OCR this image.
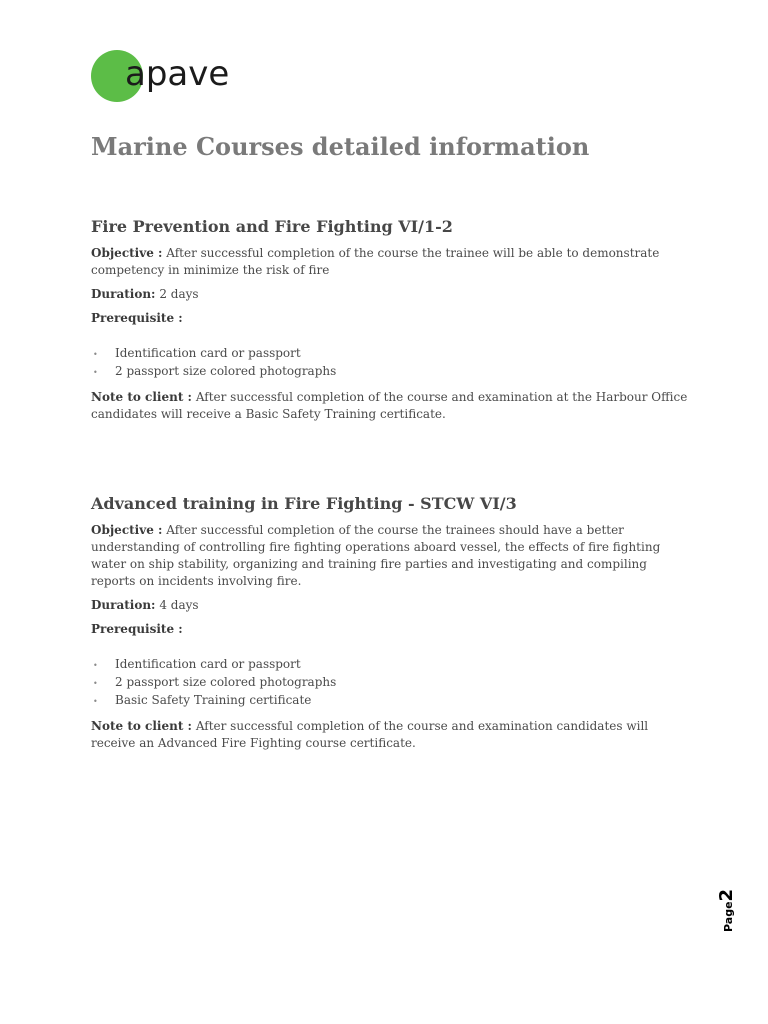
apave
Marine Courses detailed information
Fire Prevention and Fire Fighting VI/1-2

Objective : After successful completion of the course the trainee will be able to demonstrate competency in minimize the risk of fire

Duration: 2 days

Prerequisite :

• Identification card or passport
• 2 passport size colored photographs

Note to client : After successful completion of the course and examination at the Harbour Office candidates will receive a Basic Safety Training certificate.

Advanced training in Fire Fighting - STCW VI/3

Objective : After successful completion of the course the trainees should have a better understanding of controlling fire fighting operations aboard vessel, the effects of fire fighting water on ship stability, organizing and training fire parties and investigating and compiling reports on incidents involving fire.

Duration: 4 days

Prerequisite :

• Identification card or passport
• 2 passport size colored photographs
• Basic Safety Training certificate

Note to client : After successful completion of the course and examination candidates will receive an Advanced Fire Fighting course certificate.

Page2
